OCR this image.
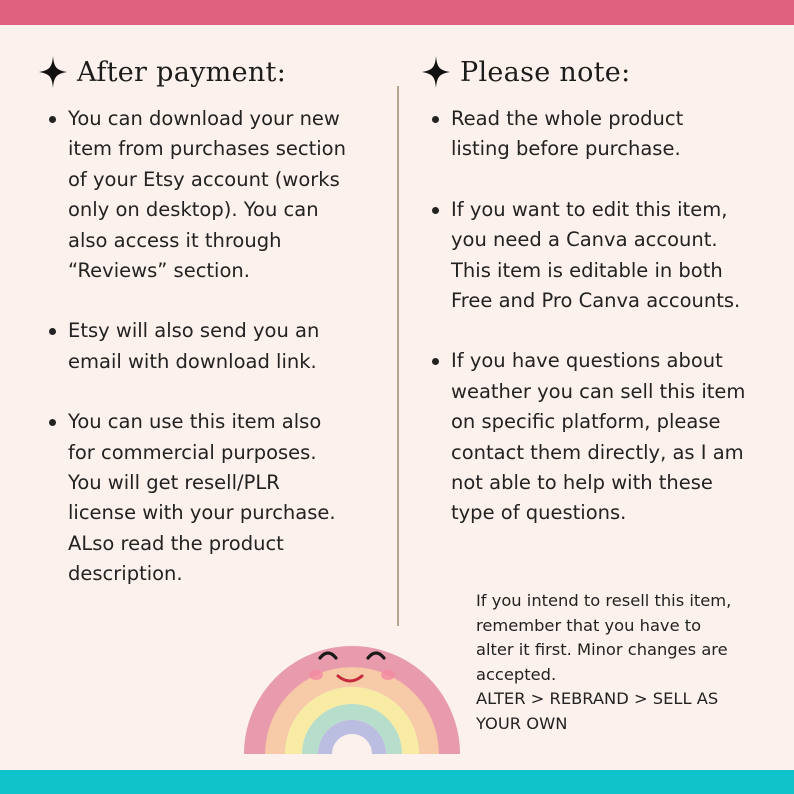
After payment:
You can download your new
item from purchases section
of your Etsy account (works
only on desktop). You can
also access it through
“Reviews” section.
Etsy will also send you an
email with download link.
You can use this item also
for commercial purposes.
You will get resell/PLR
license with your purchase.
ALso read the product
description.
Please note:
Read the whole product
listing before purchase.
If you want to edit this item,
you need a Canva account.
This item is editable in both
Free and Pro Canva accounts.
If you have questions about
weather you can sell this item
on specific platform, please
contact them directly, as I am
not able to help with these
type of questions.
If you intend to resell this item,
remember that you have to
alter it first. Minor changes are
accepted.
ALTER > REBRAND > SELL AS
YOUR OWN
